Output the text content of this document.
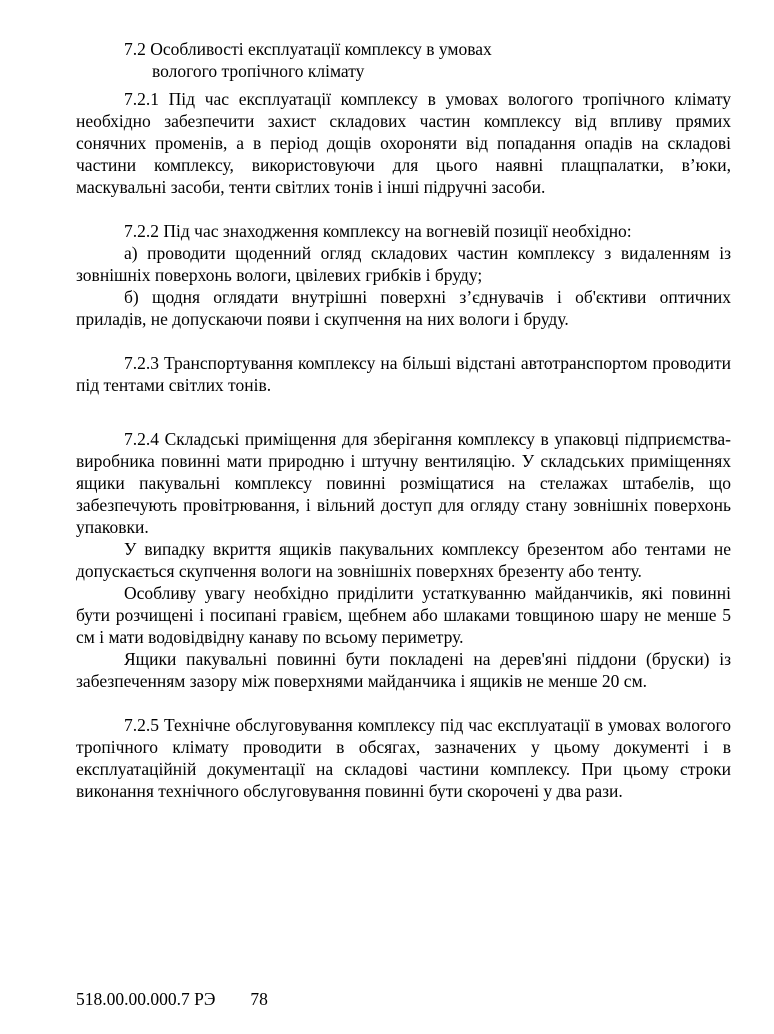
7.2 Особливості експлуатації комплексу в умовах
вологого тропічного клімату

7.2.1 Під час експлуатації комплексу в умовах вологого тропічного клімату необхідно забезпечити захист складових частин комплексу від впливу прямих сонячних променів, а в період дощів охороняти від попадання опадів на складові частини комплексу, використовуючи для цього наявні плащпалатки, в’юки, маскувальні засоби, тенти світлих тонів і інші підручні засоби.

7.2.2 Під час знаходження комплексу на вогневій позиції необхідно:

а) проводити щоденний огляд складових частин комплексу з видаленням із зовнішніх поверхонь вологи, цвілевих грибків і бруду;

б) щодня оглядати внутрішні поверхні з’єднувачів і об'єктиви оптичних приладів, не допускаючи появи і скупчення на них вологи і бруду.

7.2.3 Транспортування комплексу на більші відстані автотранспортом проводити під тентами світлих тонів.

7.2.4 Складські приміщення для зберігання комплексу в упаковці підприємства-виробника повинні мати природню і штучну вентиляцію. У складських приміщеннях ящики пакувальні комплексу повинні розміщатися на стелажах штабелів, що забезпечують провітрювання, і вільний доступ для огляду стану зовнішніх поверхонь упаковки.

У випадку вкриття ящиків пакувальних комплексу брезентом або тентами не допускається скупчення вологи на зовнішніх поверхнях брезенту або тенту.

Особливу увагу необхідно приділити устаткуванню майданчиків, які повинні бути розчищені і посипані гравієм, щебнем або шлаками товщиною шару не менше 5 см і мати водовідвідну канаву по всьому периметру.

Ящики пакувальні повинні бути покладені на дерев'яні піддони (бруски) із забезпеченням зазору між поверхнями майданчика і ящиків не менше 20 см.

7.2.5 Технічне обслуговування комплексу під час експлуатації в умовах вологого тропічного клімату проводити в обсягах, зазначених у цьому документі і в експлуатаційній документації на складові частини комплексу. При цьому строки виконання технічного обслуговування повинні бути скорочені у два рази.

518.00.00.000.7 РЭ 78
